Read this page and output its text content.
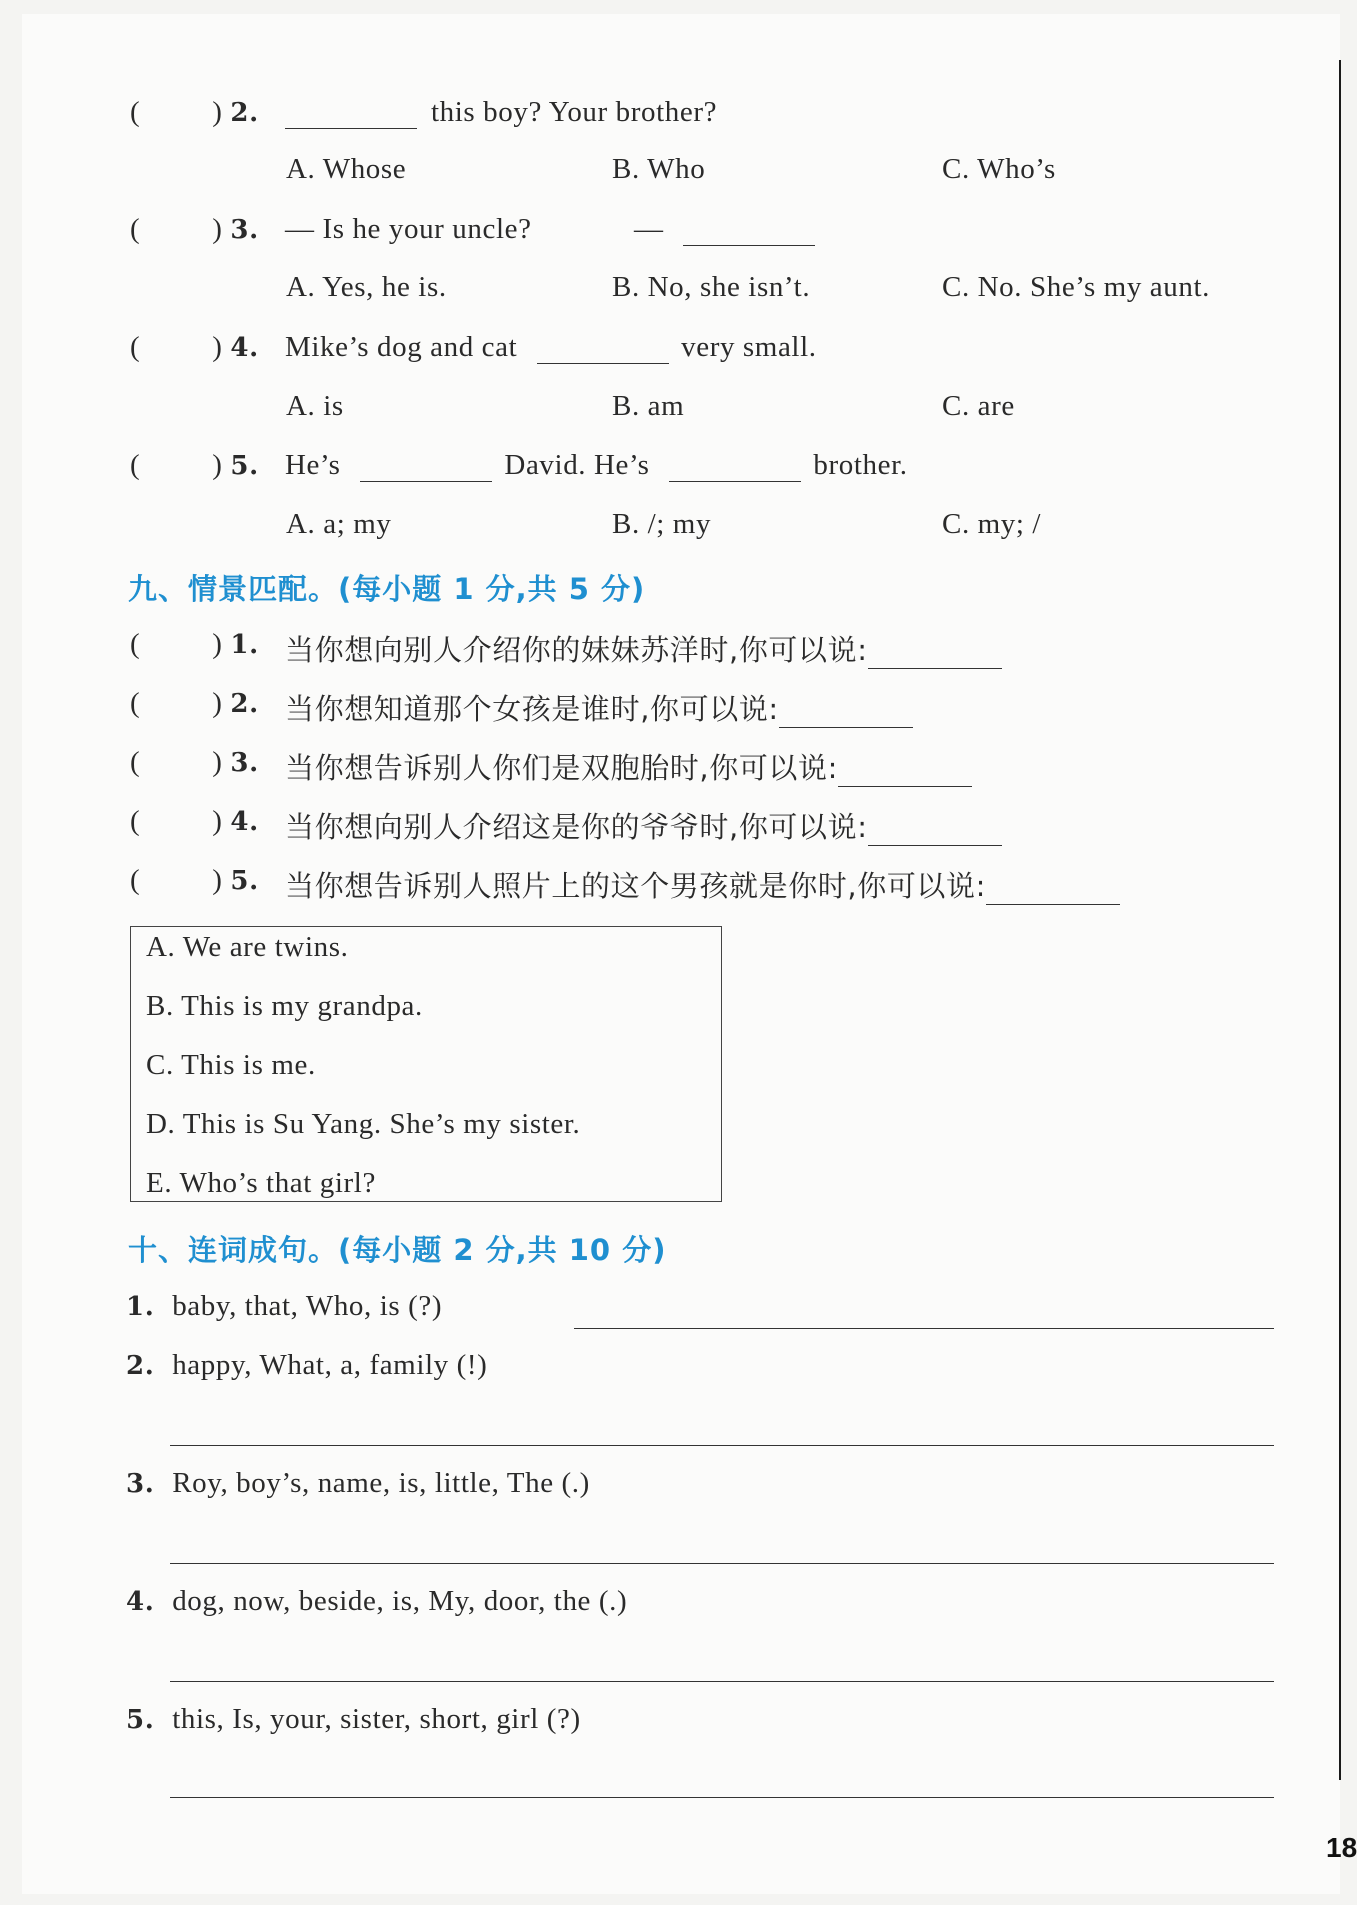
( ) 2.	this boy? Your brother?
A. Whose	B. Who	C. Who’s
( ) 3. — Is he your uncle?	—
A. Yes, he is.	B. No, she isn’t.	C. No. She’s my aunt.
( ) 4. Mike’s dog and cat	very small.
A. is	B. am	C. are
( ) 5. He’s	David. He’s	brother.
A. a; my	B. /; my	C. my; /
九、情景匹配。(每小题 1 分,共 5 分)
( ) 1. 当你想向别人介绍你的妹妹苏洋时,你可以说:
( ) 2. 当你想知道那个女孩是谁时,你可以说:
( ) 3. 当你想告诉别人你们是双胞胎时,你可以说:
( ) 4. 当你想向别人介绍这是你的爷爷时,你可以说:
( ) 5. 当你想告诉别人照片上的这个男孩就是你时,你可以说:
A. We are twins.
B. This is my grandpa.
C. This is me.
D. This is Su Yang. She’s my sister.
E. Who’s that girl?
十、连词成句。(每小题 2 分,共 10 分)
1. baby, that, Who, is (?)
2. happy, What, a, family (!)
3. Roy, boy’s, name, is, little, The (.)
4. dog, now, beside, is, My, door, the (.)
5. this, Is, your, sister, short, girl (?)
18
